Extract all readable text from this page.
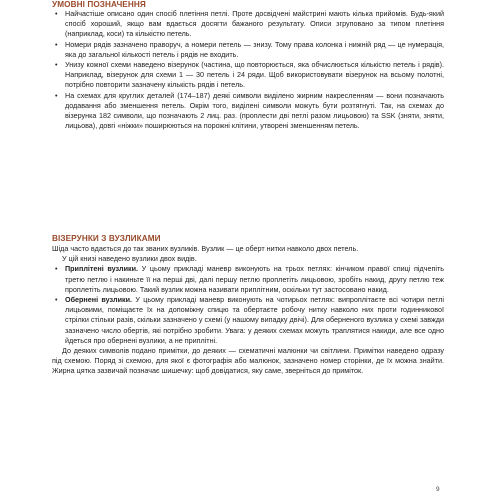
УМОВНІ ПОЗНАЧЕННЯ
• Найчастіше описано один спосіб плетіння петлі. Проте досвідчені майстрині мають кілька прийомів. Будь-який спосіб хороший, якщо вам вдається досягти бажаного результату. Описи згруповано за типом плетіння (наприклад, коси) та кількістю петель.
• Номери рядів зазначено праворуч, а номери петель — знизу. Тому права колонка і нижній ряд — це нумерація, яка до загальної кількості петель і рядів не входить.
• Унизу кожної схеми наведено візерунок (частина, що повторюється, яка обчислюється кількістю петель і рядів). Наприклад, візерунок для схеми 1 — 30 петель і 24 ряди. Щоб використовувати візерунок на всьому полотні, потрібно повторити зазначену кількість рядів і петель.
• На схемах для круглих деталей (174–187) деякі символи виділено жирним накресленням — вони позначають додавання або зменшення петель. Окрім того, виділені символи можуть бути розтягнуті. Так, на схемах до візерунка 182 символи, що позначають 2 лиц. раз. (проплести дві петлі разом лицьовою) та SSK (зняти, зняти, лицьова), довгі «ніжки» поширюються на порожні клітини, утворені зменшенням петель.
ВІЗЕРУНКИ З ВУЗЛИКАМИ

Шіда часто вдається до так званих вузликів. Вузлик — це оберт нитки навколо двох петель.

У цій книзі наведено вузлики двох видів.

• Приплітені вузлики. У цьому прикладі маневр виконують на трьох петлях: кінчиком правої спиці підчепіть третю петлю і накиньте її на перші дві, далі першу петлю проплетіть лицьовою, зробіть накид, другу петлю теж проплетіть лицьовою. Такий вузлик можна називати приплітним, оскільки тут застосовано накид.
• Обернені вузлики. У цьому прикладі маневр виконують на чотирьох петлях: випроплітаєте всі чотири петлі лицьовими, поміщаєте їх на допоміжну спицю та обертаєте робочу нитку навколо них проти годинникової стрілки стільки разів, скільки зазначено у схемі (у нашому випадку двічі). Для оберненого вузлика у схемі завжди зазначено число обертів, які потрібно зробити. Увага: у деяких схемах можуть траплятися накиди, але все одно йдеться про обернені вузлики, а не приплітні.

До деяких символів подано примітки, до деяких — схематичні малюнки чи світлини. Примітки наведено одразу під схемою. Поряд зі схемою, для якої є фотографія або малюнок, зазначено номер сторінки, де їх можна знайти. Жирна цятка зазвичай позначає шишечку: щоб довідатися, яку саме, зверніться до приміток.

9
